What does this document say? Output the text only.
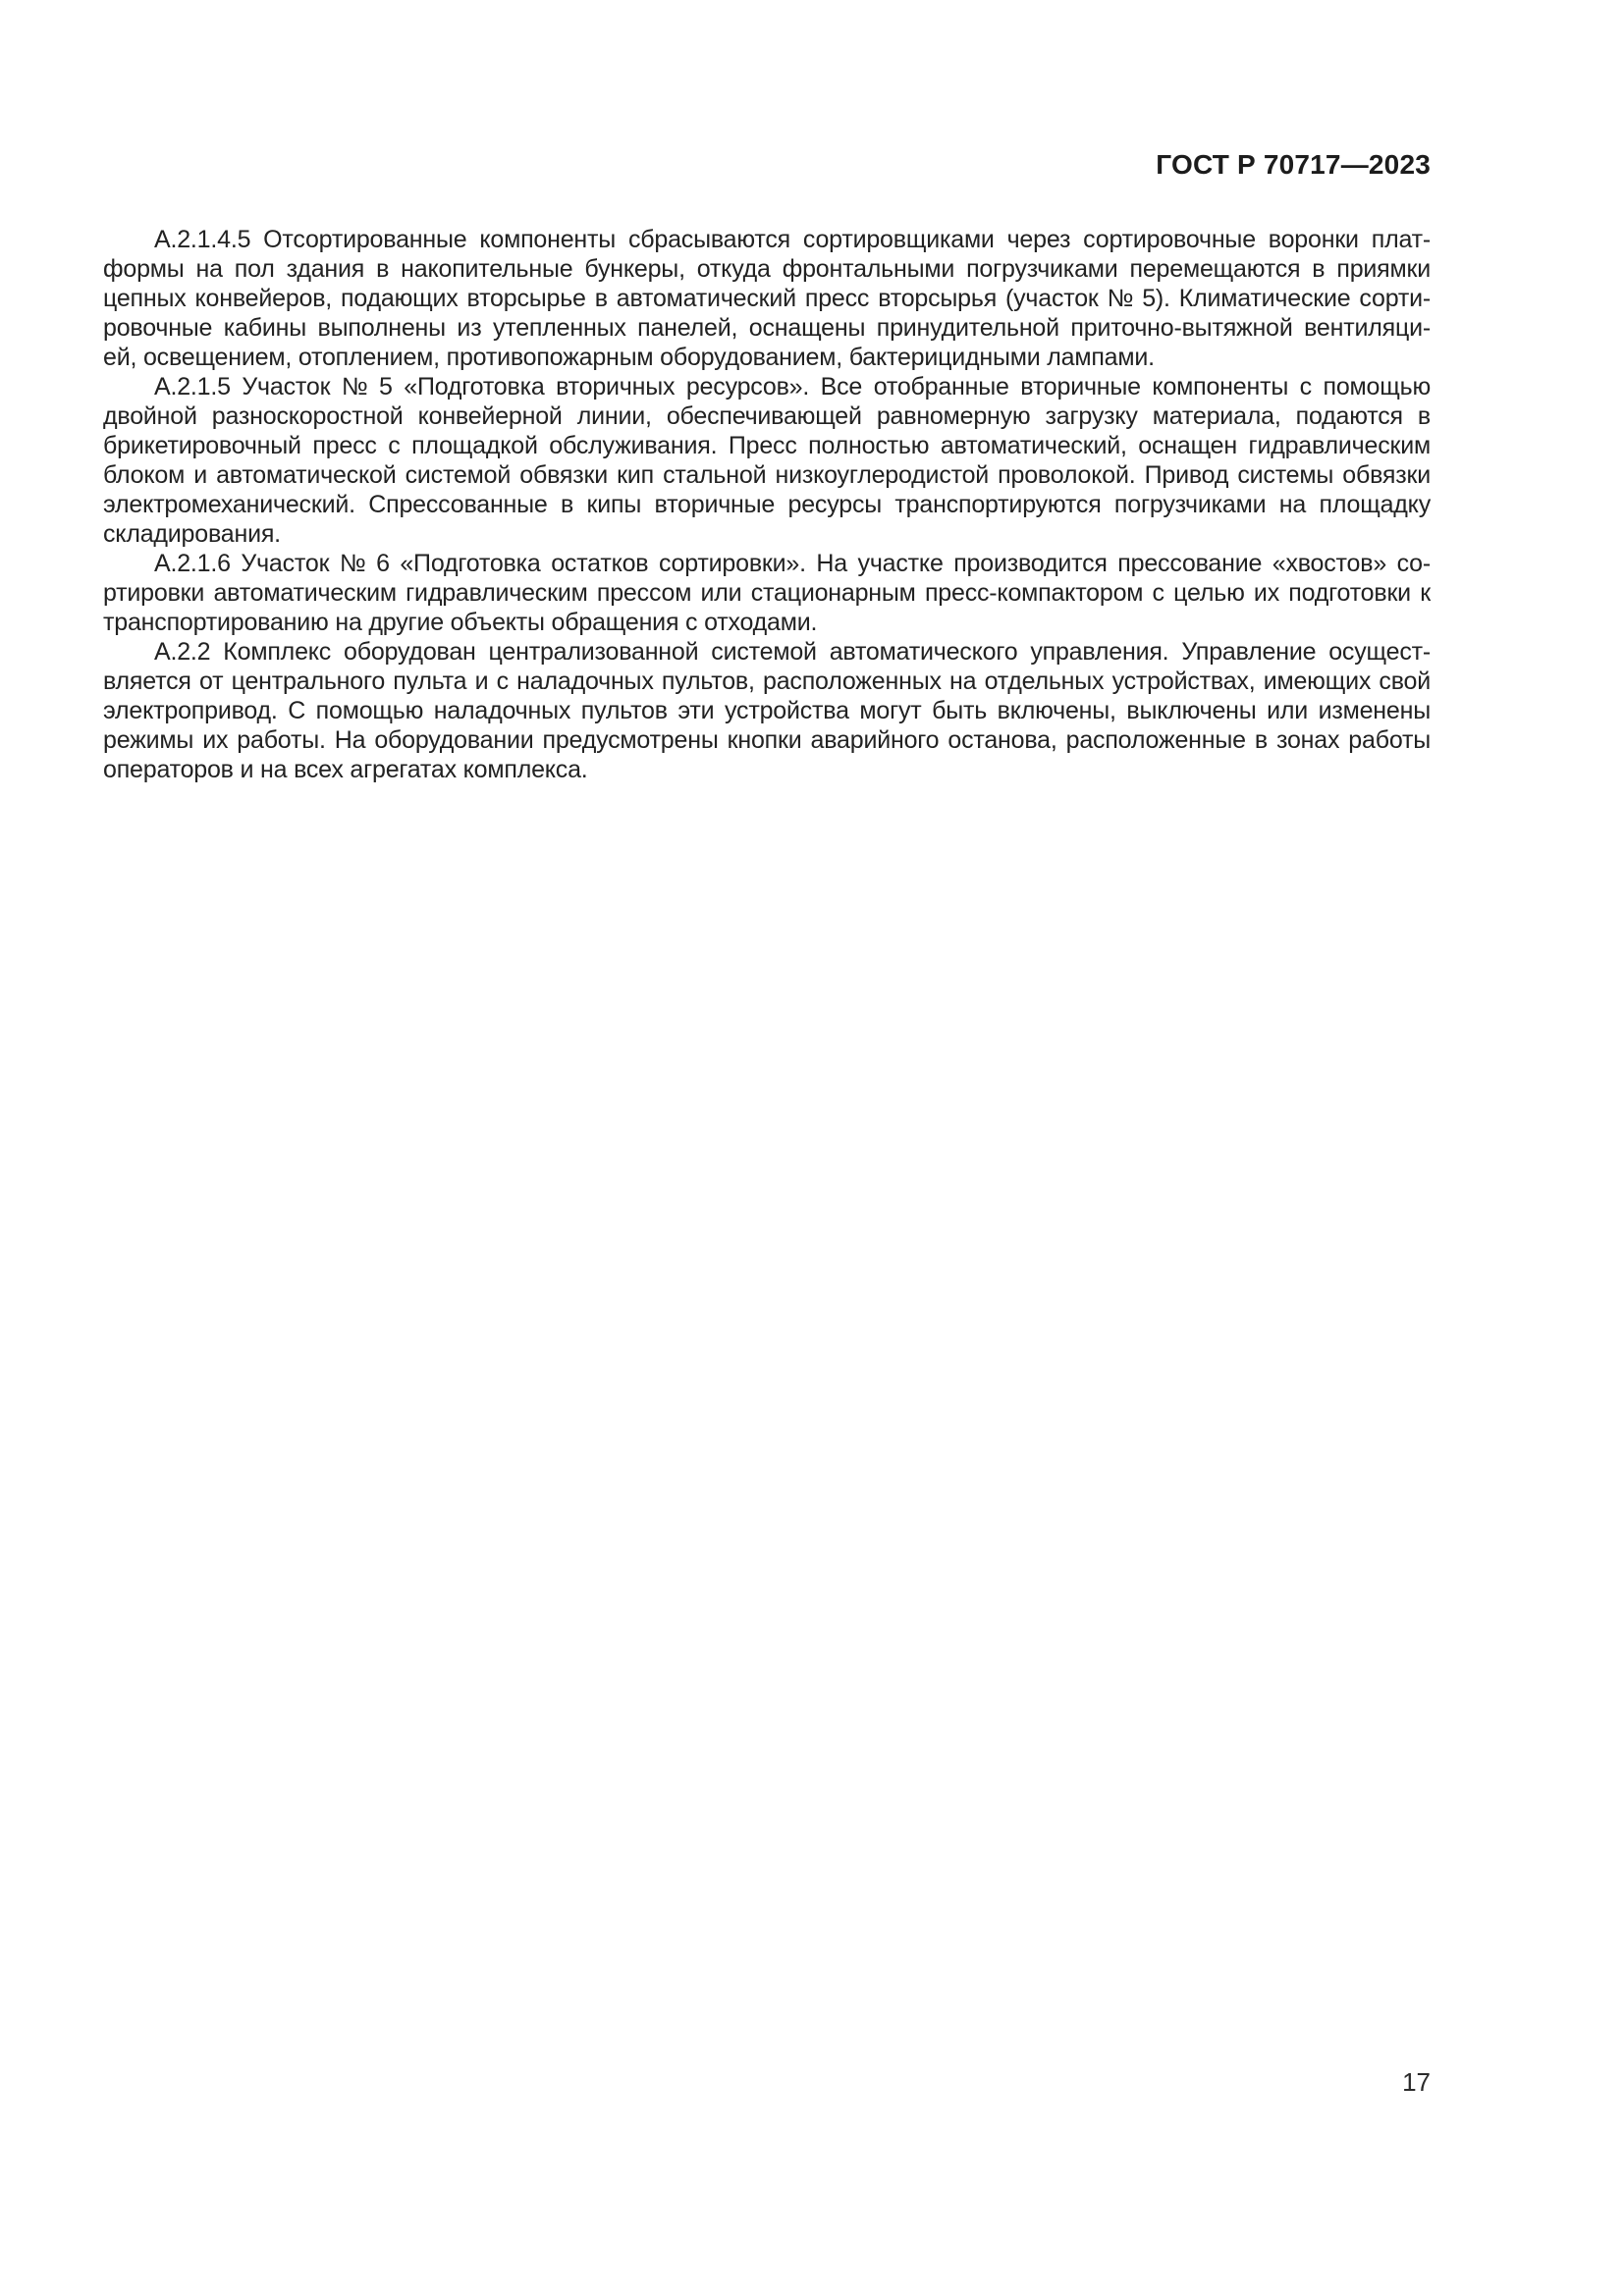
ГОСТ Р 70717—2023
А.2.1.4.5 Отсортированные компоненты сбрасываются сортировщиками через сортировочные воронки плат-
формы на пол здания в накопительные бункеры, откуда фронтальными погрузчиками перемещаются в приямки
цепных конвейеров, подающих вторсырье в автоматический пресс вторсырья (участок № 5). Климатические сорти-
ровочные кабины выполнены из утепленных панелей, оснащены принудительной приточно-вытяжной вентиляци-
ей, освещением, отоплением, противопожарным оборудованием, бактерицидными лампами.
А.2.1.5 Участок № 5 «Подготовка вторичных ресурсов». Все отобранные вторичные компоненты с помощью
двойной разноскоростной конвейерной линии, обеспечивающей равномерную загрузку материала, подаются в
брикетировочный пресс с площадкой обслуживания. Пресс полностью автоматический, оснащен гидравлическим
блоком и автоматической системой обвязки кип стальной низкоуглеродистой проволокой. Привод системы обвязки
электромеханический. Спрессованные в кипы вторичные ресурсы транспортируются погрузчиками на площадку
складирования.
А.2.1.6 Участок № 6 «Подготовка остатков сортировки». На участке производится прессование «хвостов» со-
ртировки автоматическим гидравлическим прессом или стационарным пресс-компактором с целью их подготовки к
транспортированию на другие объекты обращения с отходами.
А.2.2 Комплекс оборудован централизованной системой автоматического управления. Управление осущест-
вляется от центрального пульта и с наладочных пультов, расположенных на отдельных устройствах, имеющих свой
электропривод. С помощью наладочных пультов эти устройства могут быть включены, выключены или изменены
режимы их работы. На оборудовании предусмотрены кнопки аварийного останова, расположенные в зонах работы
операторов и на всех агрегатах комплекса.
17
